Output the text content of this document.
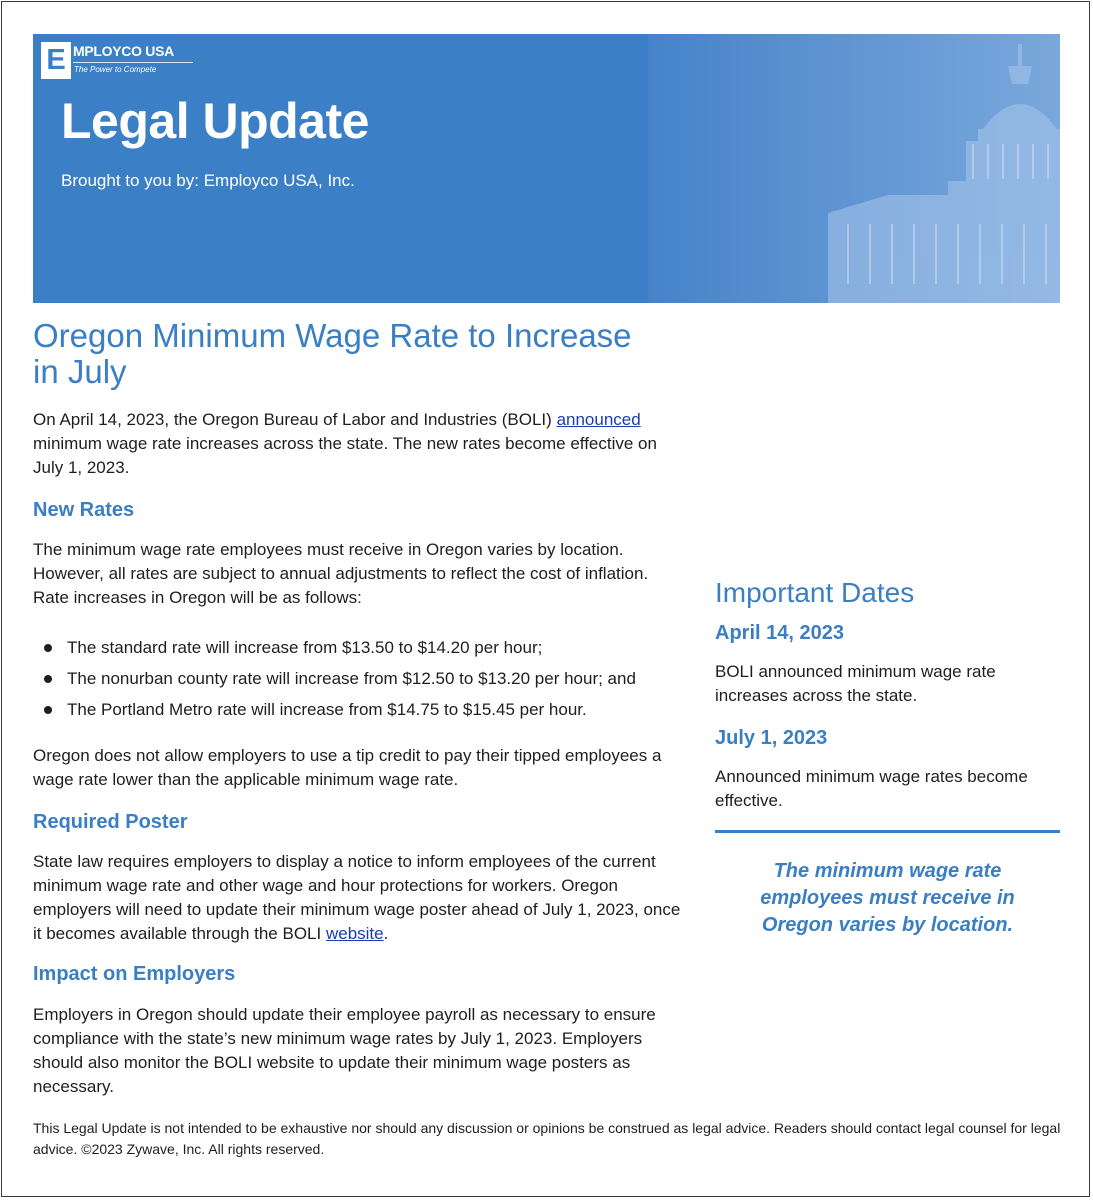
E MPLOYCO USA
The Power to Compete
Legal Update
Brought to you by: Employco USA, Inc.
Oregon Minimum Wage Rate to Increase in July

On April 14, 2023, the Oregon Bureau of Labor and Industries (BOLI) announced minimum wage rate increases across the state. The new rates become effective on July 1, 2023.

New Rates

The minimum wage rate employees must receive in Oregon varies by location. However, all rates are subject to annual adjustments to reflect the cost of inflation. Rate increases in Oregon will be as follows:

The standard rate will increase from $13.50 to $14.20 per hour;
The nonurban county rate will increase from $12.50 to $13.20 per hour; and
The Portland Metro rate will increase from $14.75 to $15.45 per hour.

Oregon does not allow employers to use a tip credit to pay their tipped employees a wage rate lower than the applicable minimum wage rate.

Required Poster

State law requires employers to display a notice to inform employees of the current minimum wage rate and other wage and hour protections for workers. Oregon employers will need to update their minimum wage poster ahead of July 1, 2023, once it becomes available through the BOLI website.

Impact on Employers

Employers in Oregon should update their employee payroll as necessary to ensure compliance with the state’s new minimum wage rates by July 1, 2023. Employers should also monitor the BOLI website to update their minimum wage posters as necessary.

Important Dates
April 14, 2023

BOLI announced minimum wage rate increases across the state.

July 1, 2023

Announced minimum wage rates become effective.

The minimum wage rate employees must receive in Oregon varies by location.

This Legal Update is not intended to be exhaustive nor should any discussion or opinions be construed as legal advice. Readers should contact legal counsel for legal advice. ©2023 Zywave, Inc. All rights reserved.
